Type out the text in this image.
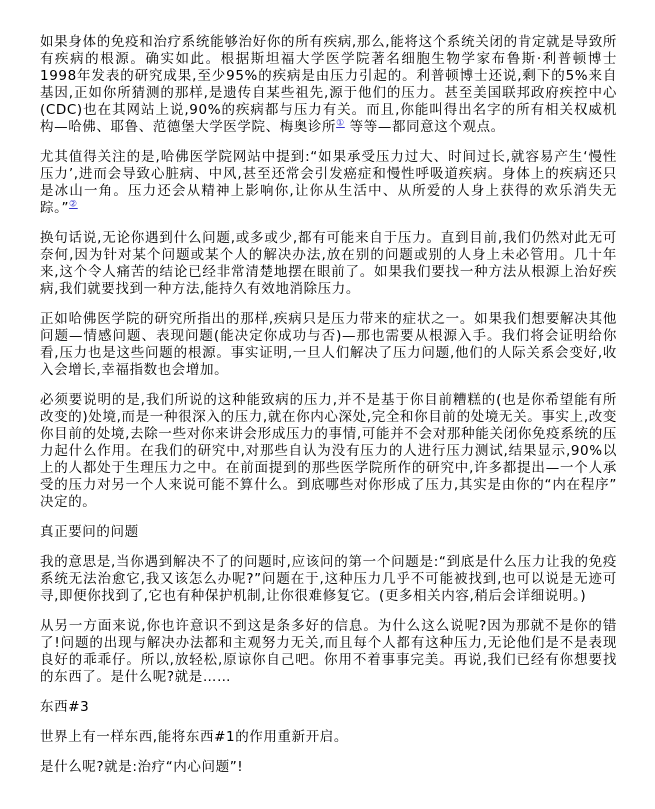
如果身体的免疫和治疗系统能够治好你的所有疾病,那么,能将这个系统关闭的肯定就是导致所有疾病的根源。确实如此。根据斯坦福大学医学院著名细胞生物学家布鲁斯·利普顿博士1998年发表的研究成果,至少95%的疾病是由压力引起的。利普顿博士还说,剩下的5%来自基因,正如你所猜测的那样,是遗传自某些祖先,源于他们的压力。甚至美国联邦政府疾控中心(CDC)也在其网站上说,90%的疾病都与压力有关。而且,你能叫得出名字的所有相关权威机构—哈佛、耶鲁、范德堡大学医学院、梅奥诊所① 等等—都同意这个观点。

尤其值得关注的是,哈佛医学院网站中提到:“如果承受压力过大、时间过长,就容易产生‘慢性压力’,进而会导致心脏病、中风,甚至还常会引发癌症和慢性呼吸道疾病。身体上的疾病还只是冰山一角。压力还会从精神上影响你,让你从生活中、从所爱的人身上获得的欢乐消失无踪。”②

换句话说,无论你遇到什么问题,或多或少,都有可能来自于压力。直到目前,我们仍然对此无可奈何,因为针对某个问题或某个人的解决办法,放在别的问题或别的人身上未必管用。几十年来,这个令人痛苦的结论已经非常清楚地摆在眼前了。如果我们要找一种方法从根源上治好疾病,我们就要找到一种方法,能持久有效地消除压力。

正如哈佛医学院的研究所指出的那样,疾病只是压力带来的症状之一。如果我们想要解决其他问题—情感问题、表现问题(能决定你成功与否)—那也需要从根源入手。我们将会证明给你看,压力也是这些问题的根源。事实证明,一旦人们解决了压力问题,他们的人际关系会变好,收入会增长,幸福指数也会增加。

必须要说明的是,我们所说的这种能致病的压力,并不是基于你目前糟糕的(也是你希望能有所改变的)处境,而是一种很深入的压力,就在你内心深处,完全和你目前的处境无关。事实上,改变你目前的处境,去除一些对你来讲会形成压力的事情,可能并不会对那种能关闭你免疫系统的压力起什么作用。在我们的研究中,对那些自认为没有压力的人进行压力测试,结果显示,90%以上的人都处于生理压力之中。在前面提到的那些医学院所作的研究中,许多都提出—一个人承受的压力对另一个人来说可能不算什么。到底哪些对你形成了压力,其实是由你的“内在程序”决定的。

真正要问的问题

我的意思是,当你遇到解决不了的问题时,应该问的第一个问题是:“到底是什么压力让我的免疫系统无法治愈它,我又该怎么办呢?”问题在于,这种压力几乎不可能被找到,也可以说是无迹可寻,即便你找到了,它也有种保护机制,让你很难修复它。(更多相关内容,稍后会详细说明。)

从另一方面来说,你也许意识不到这是条多好的信息。为什么这么说呢?因为那就不是你的错了!问题的出现与解决办法都和主观努力无关,而且每个人都有这种压力,无论他们是不是表现良好的乖乖仔。所以,放轻松,原谅你自己吧。你用不着事事完美。再说,我们已经有你想要找的东西了。是什么呢?就是……

东西#3

世界上有一样东西,能将东西#1的作用重新开启。

是什么呢?就是:治疗“内心问题”!
